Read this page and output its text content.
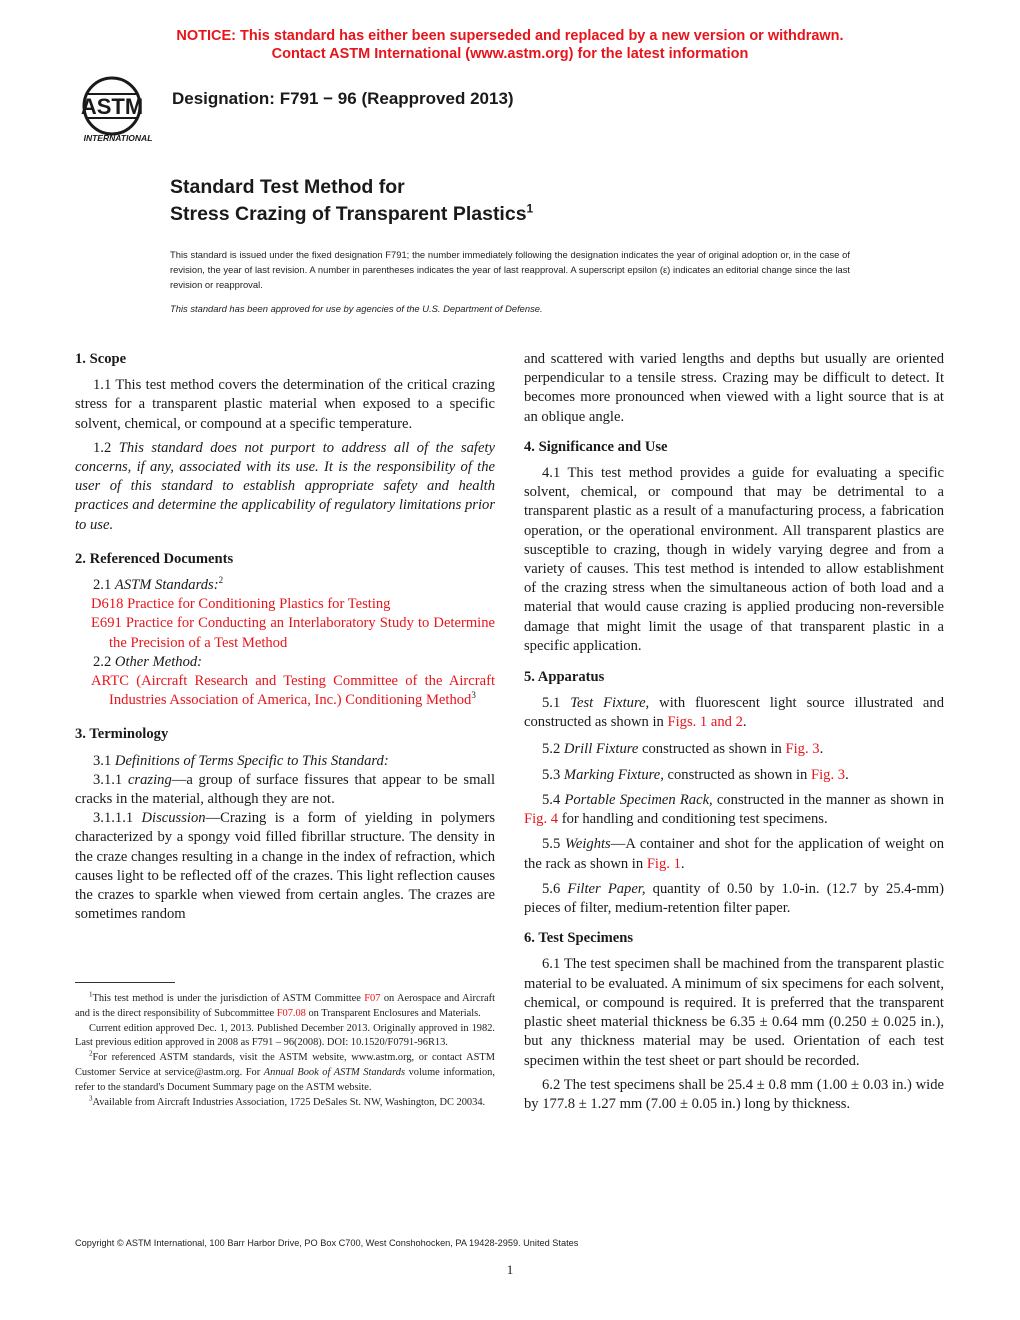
NOTICE: This standard has either been superseded and replaced by a new version or withdrawn.
Contact ASTM International (www.astm.org) for the latest information
ASTM
INTERNATIONAL
Designation: F791 − 96 (Reapproved 2013)
Standard Test Method for
Stress Crazing of Transparent Plastics$^1$
This standard is issued under the fixed designation F791; the number immediately following the designation indicates the year of original adoption or, in the case of revision, the year of last revision. A number in parentheses indicates the year of last reapproval. A superscript epsilon (ε) indicates an editorial change since the last revision or reapproval.
This standard has been approved for use by agencies of the U.S. Department of Defense.

1. Scope

1.1 This test method covers the determination of the critical crazing stress for a transparent plastic material when exposed to a specific solvent, chemical, or compound at a specific temperature.

1.2 This standard does not purport to address all of the safety concerns, if any, associated with its use. It is the responsibility of the user of this standard to establish appropriate safety and health practices and determine the applicability of regulatory limitations prior to use.

2. Referenced Documents

2.1 ASTM Standards:$^2$

D618 Practice for Conditioning Plastics for Testing

E691 Practice for Conducting an Interlaboratory Study to Determine the Precision of a Test Method

2.2 Other Method:

ARTC (Aircraft Research and Testing Committee of the Aircraft Industries Association of America, Inc.) Conditioning Method$^3$

3. Terminology

3.1 Definitions of Terms Specific to This Standard:

3.1.1 crazing—a group of surface fissures that appear to be small cracks in the material, although they are not.

3.1.1.1 Discussion—Crazing is a form of yielding in polymers characterized by a spongy void filled fibrillar structure. The density in the craze changes resulting in a change in the index of refraction, which causes light to be reflected off of the crazes. This light reflection causes the crazes to sparkle when viewed from certain angles. The crazes are sometimes random

$^1$This test method is under the jurisdiction of ASTM Committee F07 on Aerospace and Aircraft and is the direct responsibility of Subcommittee F07.08 on Transparent Enclosures and Materials.

Current edition approved Dec. 1, 2013. Published December 2013. Originally approved in 1982. Last previous edition approved in 2008 as F791 – 96(2008). DOI: 10.1520/F0791-96R13.

$^2$For referenced ASTM standards, visit the ASTM website, www.astm.org, or contact ASTM Customer Service at service@astm.org. For Annual Book of ASTM Standards volume information, refer to the standard's Document Summary page on the ASTM website.

$^3$Available from Aircraft Industries Association, 1725 DeSales St. NW, Washington, DC 20034.

and scattered with varied lengths and depths but usually are oriented perpendicular to a tensile stress. Crazing may be difficult to detect. It becomes more pronounced when viewed with a light source that is at an oblique angle.

4. Significance and Use

4.1 This test method provides a guide for evaluating a specific solvent, chemical, or compound that may be detrimental to a transparent plastic as a result of a manufacturing process, a fabrication operation, or the operational environment. All transparent plastics are susceptible to crazing, though in widely varying degree and from a variety of causes. This test method is intended to allow establishment of the crazing stress when the simultaneous action of both load and a material that would cause crazing is applied producing non-reversible damage that might limit the usage of that transparent plastic in a specific application.

5. Apparatus

5.1 Test Fixture, with fluorescent light source illustrated and constructed as shown in Figs. 1 and 2.

5.2 Drill Fixture constructed as shown in Fig. 3.

5.3 Marking Fixture, constructed as shown in Fig. 3.

5.4 Portable Specimen Rack, constructed in the manner as shown in Fig. 4 for handling and conditioning test specimens.

5.5 Weights—A container and shot for the application of weight on the rack as shown in Fig. 1.

5.6 Filter Paper, quantity of 0.50 by 1.0-in. (12.7 by 25.4-mm) pieces of filter, medium-retention filter paper.

6. Test Specimens

6.1 The test specimen shall be machined from the transparent plastic material to be evaluated. A minimum of six specimens for each solvent, chemical, or compound is required. It is preferred that the transparent plastic sheet material thickness be 6.35 ± 0.64 mm (0.250 ± 0.025 in.), but any thickness material may be used. Orientation of each test specimen within the test sheet or part should be recorded.

6.2 The test specimens shall be 25.4 ± 0.8 mm (1.00 ± 0.03 in.) wide by 177.8 ± 1.27 mm (7.00 ± 0.05 in.) long by thickness.

Copyright © ASTM International, 100 Barr Harbor Drive, PO Box C700, West Conshohocken, PA 19428-2959. United States
1
